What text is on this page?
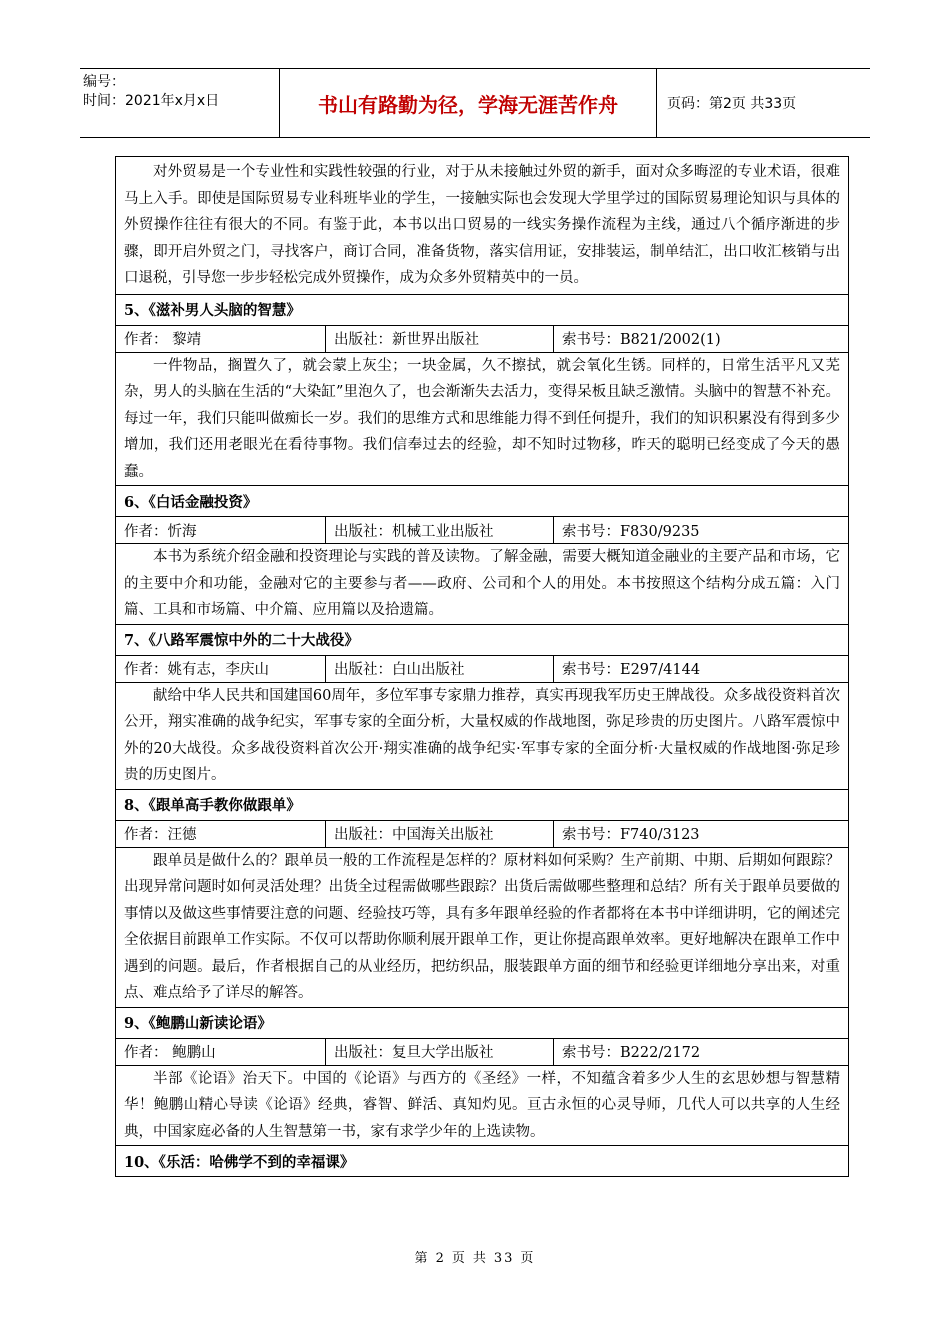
编号：
时间：2021年x月x日	书山有路勤为径，学海无涯苦作舟	页码：第2页 共33页
对外贸易是一个专业性和实践性较强的行业，对于从未接触过外贸的新手，面对众多晦涩的专业术语，很难马上入手。即使是国际贸易专业科班毕业的学生，一接触实际也会发现大学里学过的国际贸易理论知识与具体的外贸操作往往有很大的不同。有鉴于此，本书以出口贸易的一线实务操作流程为主线，通过八个循序渐进的步骤，即开启外贸之门，寻找客户，商订合同，准备货物，落实信用证，安排装运，制单结汇，出口收汇核销与出口退税，引导您一步步轻松完成外贸操作，成为众多外贸精英中的一员。		
5、《滋补男人头脑的智慧》		
作者： 黎靖	出版社：新世界出版社	索书号：B821/2002(1)
一件物品，搁置久了，就会蒙上灰尘；一块金属，久不擦拭，就会氧化生锈。同样的，日常生活平凡又芜杂，男人的头脑在生活的“大染缸”里泡久了，也会渐渐失去活力，变得呆板且缺乏激情。头脑中的智慧不补充。每过一年，我们只能叫做痴长一岁。我们的思维方式和思维能力得不到任何提升，我们的知识积累没有得到多少增加，我们还用老眼光在看待事物。我们信奉过去的经验，却不知时过物移，昨天的聪明已经变成了今天的愚蠢。		
6、《白话金融投资》		
作者：忻海	出版社：机械工业出版社	索书号：F830/9235
本书为系统介绍金融和投资理论与实践的普及读物。了解金融，需要大概知道金融业的主要产品和市场，它的主要中介和功能，金融对它的主要参与者——政府、公司和个人的用处。本书按照这个结构分成五篇：入门篇、工具和市场篇、中介篇、应用篇以及拾遗篇。		
7、《八路军震惊中外的二十大战役》		
作者：姚有志，李庆山	出版社：白山出版社	索书号：E297/4144
献给中华人民共和国建国60周年，多位军事专家鼎力推荐，真实再现我军历史王牌战役。众多战役资料首次公开，翔实准确的战争纪实，军事专家的全面分析，大量权威的作战地图，弥足珍贵的历史图片。八路军震惊中外的20大战役。众多战役资料首次公开·翔实准确的战争纪实·军事专家的全面分析·大量权威的作战地图·弥足珍贵的历史图片。		
8、《跟单高手教你做跟单》		
作者：汪德	出版社：中国海关出版社	索书号：F740/3123
跟单员是做什么的？跟单员一般的工作流程是怎样的？原材料如何采购？生产前期、中期、后期如何跟踪？出现异常问题时如何灵活处理？出货全过程需做哪些跟踪？出货后需做哪些整理和总结？所有关于跟单员要做的事情以及做这些事情要注意的问题、经验技巧等，具有多年跟单经验的作者都将在本书中详细讲明，它的阐述完全依据目前跟单工作实际。不仅可以帮助你顺利展开跟单工作，更让你提高跟单效率。更好地解决在跟单工作中遇到的问题。最后，作者根据自己的从业经历，把纺织品，服装跟单方面的细节和经验更详细地分享出来，对重点、难点给予了详尽的解答。		
9、《鲍鹏山新读论语》		
作者： 鲍鹏山	出版社：复旦大学出版社	索书号：B222/2172
半部《论语》治天下。中国的《论语》与西方的《圣经》一样，不知蕴含着多少人生的玄思妙想与智慧精华！鲍鹏山精心导读《论语》经典，睿智、鲜活、真知灼见。亘古永恒的心灵导师，几代人可以共享的人生经典，中国家庭必备的人生智慧第一书，家有求学少年的上选读物。		
10、《乐活：哈佛学不到的幸福课》		
第 2 页 共 33 页
